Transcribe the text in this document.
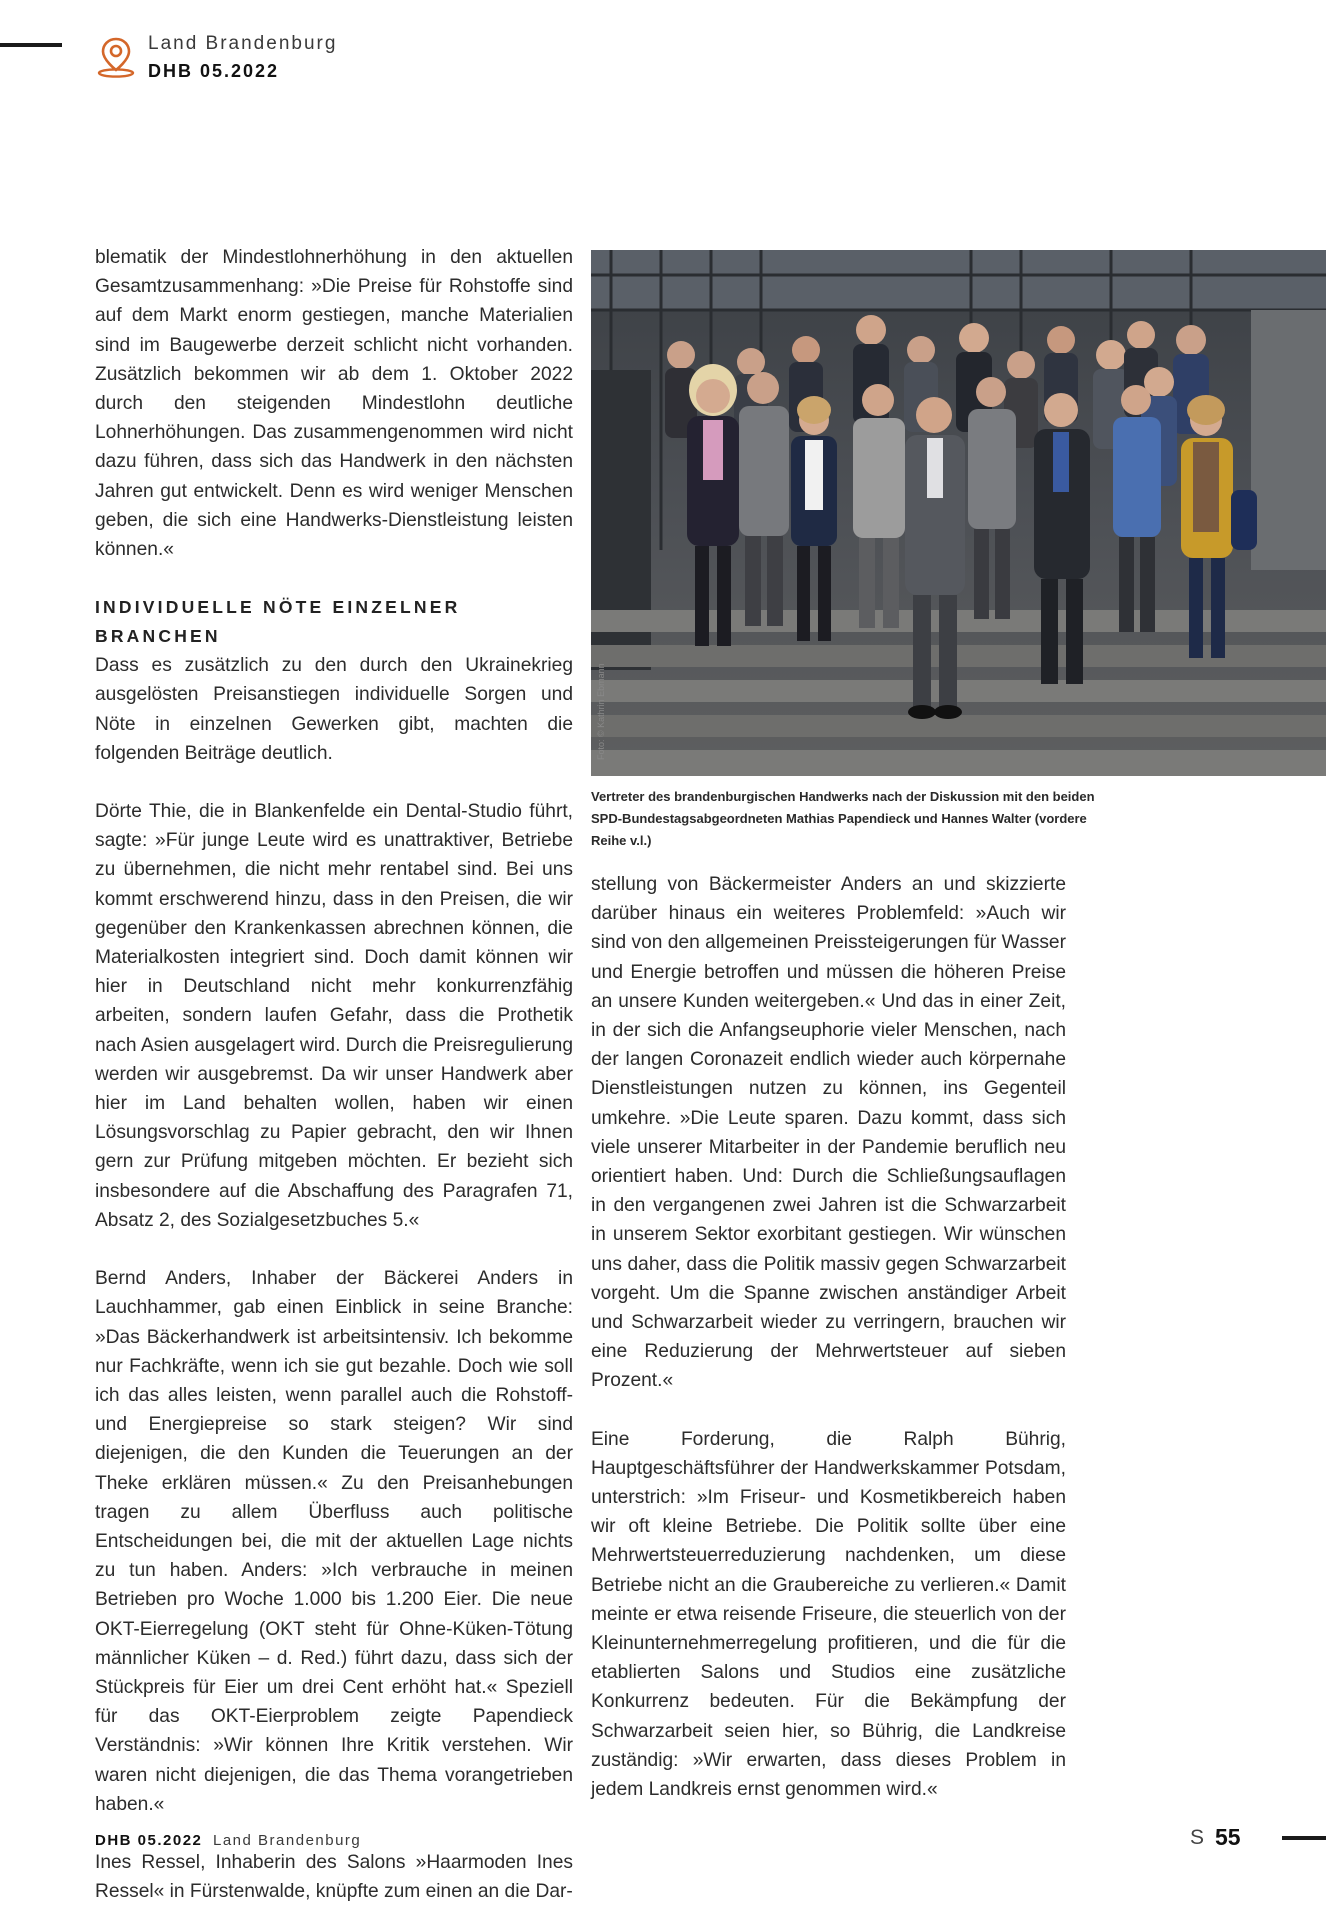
Land Brandenburg
DHB 05.2022

blematik der Mindestlohnerhöhung in den aktuellen Gesamtzusammenhang: »Die Preise für Rohstoffe sind auf dem Markt enorm gestiegen, manche Materialien sind im Baugewerbe derzeit schlicht nicht vorhanden. Zusätzlich bekommen wir ab dem 1. Oktober 2022 durch den steigenden Mindestlohn deutliche Lohnerhöhungen. Das zusammengenommen wird nicht dazu führen, dass sich das Handwerk in den nächsten Jahren gut entwickelt. Denn es wird weniger Menschen geben, die sich eine Handwerks-Dienstleistung leisten können.«

INDIVIDUELLE NÖTE EINZELNER BRANCHEN

Dass es zusätzlich zu den durch den Ukrainekrieg ausgelösten Preisanstiegen individuelle Sorgen und Nöte in einzelnen Gewerken gibt, machten die folgenden Beiträge deutlich.

Dörte Thie, die in Blankenfelde ein Dental-Studio führt, sagte: »Für junge Leute wird es unattraktiver, Betriebe zu übernehmen, die nicht mehr rentabel sind. Bei uns kommt erschwerend hinzu, dass in den Preisen, die wir gegenüber den Krankenkassen abrechnen können, die Materialkosten integriert sind. Doch damit können wir hier in Deutschland nicht mehr konkurrenzfähig arbeiten, sondern laufen Gefahr, dass die Prothetik nach Asien ausgelagert wird. Durch die Preisregulierung werden wir ausgebremst. Da wir unser Handwerk aber hier im Land behalten wollen, haben wir einen Lösungsvorschlag zu Papier gebracht, den wir Ihnen gern zur Prüfung mitgeben möchten. Er bezieht sich insbesondere auf die Abschaffung des Paragrafen 71, Absatz 2, des Sozialgesetzbuches 5.«

Bernd Anders, Inhaber der Bäckerei Anders in Lauchhammer, gab einen Einblick in seine Branche: »Das Bäckerhandwerk ist arbeitsintensiv. Ich bekomme nur Fachkräfte, wenn ich sie gut bezahle. Doch wie soll ich das alles leisten, wenn parallel auch die Rohstoff- und Energiepreise so stark steigen? Wir sind diejenigen, die den Kunden die Teuerungen an der Theke erklären müssen.« Zu den Preisanhebungen tragen zu allem Überfluss auch politische Entscheidungen bei, die mit der aktuellen Lage nichts zu tun haben. Anders: »Ich verbrauche in meinen Betrieben pro Woche 1.000 bis 1.200 Eier. Die neue OKT-Eierregelung (OKT steht für Ohne-Küken-Tötung männlicher Küken – d. Red.) führt dazu, dass sich der Stückpreis für Eier um drei Cent erhöht hat.« Speziell für das OKT-Eierproblem zeigte Papendieck Verständnis: »Wir können Ihre Kritik verstehen. Wir waren nicht diejenigen, die das Thema vorangetrieben haben.«

Ines Ressel, Inhaberin des Salons »Haarmoden Ines Ressel« in Fürstenwalde, knüpfte zum einen an die Dar-

Foto: © Kathrin Ebmann
Vertreter des brandenburgischen Handwerks nach der Diskussion mit den beiden SPD-Bundestagsabgeordneten Mathias Papendieck und Hannes Walter (vordere Reihe v.l.)

stellung von Bäckermeister Anders an und skizzierte darüber hinaus ein weiteres Problemfeld: »Auch wir sind von den allgemeinen Preissteigerungen für Wasser und Energie betroffen und müssen die höheren Preise an unsere Kunden weitergeben.« Und das in einer Zeit, in der sich die Anfangseuphorie vieler Menschen, nach der langen Coronazeit endlich wieder auch körpernahe Dienstleistungen nutzen zu können, ins Gegenteil umkehre. »Die Leute sparen. Dazu kommt, dass sich viele unserer Mitarbeiter in der Pandemie beruflich neu orientiert haben. Und: Durch die Schließungsauflagen in den vergangenen zwei Jahren ist die Schwarzarbeit in unserem Sektor exorbitant gestiegen. Wir wünschen uns daher, dass die Politik massiv gegen Schwarzarbeit vorgeht. Um die Spanne zwischen anständiger Arbeit und Schwarzarbeit wieder zu verringern, brauchen wir eine Reduzierung der Mehrwertsteuer auf sieben Prozent.«

Eine Forderung, die Ralph Bührig, Hauptgeschäftsführer der Handwerkskammer Potsdam, unterstrich: »Im Friseur- und Kosmetikbereich haben wir oft kleine Betriebe. Die Politik sollte über eine Mehrwertsteuerreduzierung nachdenken, um diese Betriebe nicht an die Graubereiche zu verlieren.« Damit meinte er etwa reisende Friseure, die steuerlich von der Kleinunternehmerregelung profitieren, und die für die etablierten Salons und Studios eine zusätzliche Konkurrenz bedeuten. Für die Bekämpfung der Schwarzarbeit seien hier, so Bührig, die Landkreise zuständig: »Wir erwarten, dass dieses Problem in jedem Landkreis ernst genommen wird.«

DHB 05.2022 Land Brandenburg	S 55
